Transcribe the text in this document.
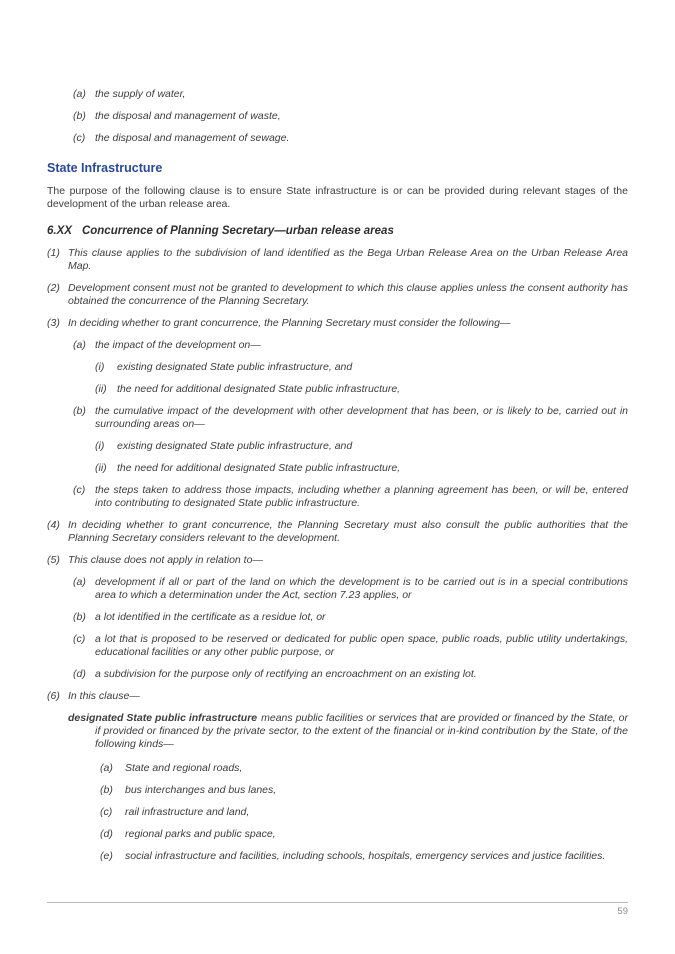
(a) the supply of water,
(b) the disposal and management of waste,
(c) the disposal and management of sewage.
State Infrastructure

The purpose of the following clause is to ensure State infrastructure is or can be provided during relevant stages of the development of the urban release area.

6.XX Concurrence of Planning Secretary—urban release areas
(1) This clause applies to the subdivision of land identified as the Bega Urban Release Area on the Urban Release Area Map.
(2) Development consent must not be granted to development to which this clause applies unless the consent authority has obtained the concurrence of the Planning Secretary.
(3) In deciding whether to grant concurrence, the Planning Secretary must consider the following—
(a) the impact of the development on—
(i) existing designated State public infrastructure, and
(ii) the need for additional designated State public infrastructure,
(b) the cumulative impact of the development with other development that has been, or is likely to be, carried out in surrounding areas on—
(i) existing designated State public infrastructure, and
(ii) the need for additional designated State public infrastructure,
(c) the steps taken to address those impacts, including whether a planning agreement has been, or will be, entered into contributing to designated State public infrastructure.
(4) In deciding whether to grant concurrence, the Planning Secretary must also consult the public authorities that the Planning Secretary considers relevant to the development.
(5) This clause does not apply in relation to—
(a) development if all or part of the land on which the development is to be carried out is in a special contributions area to which a determination under the Act, section 7.23 applies, or
(b) a lot identified in the certificate as a residue lot, or
(c) a lot that is proposed to be reserved or dedicated for public open space, public roads, public utility undertakings, educational facilities or any other public purpose, or
(d) a subdivision for the purpose only of rectifying an encroachment on an existing lot.
(6) In this clause—

designated State public infrastructure means public facilities or services that are provided or financed by the State, or if provided or financed by the private sector, to the extent of the financial or in-kind contribution by the State, of the following kinds—

(a) State and regional roads,
(b) bus interchanges and bus lanes,
(c) rail infrastructure and land,
(d) regional parks and public space,
(e) social infrastructure and facilities, including schools, hospitals, emergency services and justice facilities.
59
